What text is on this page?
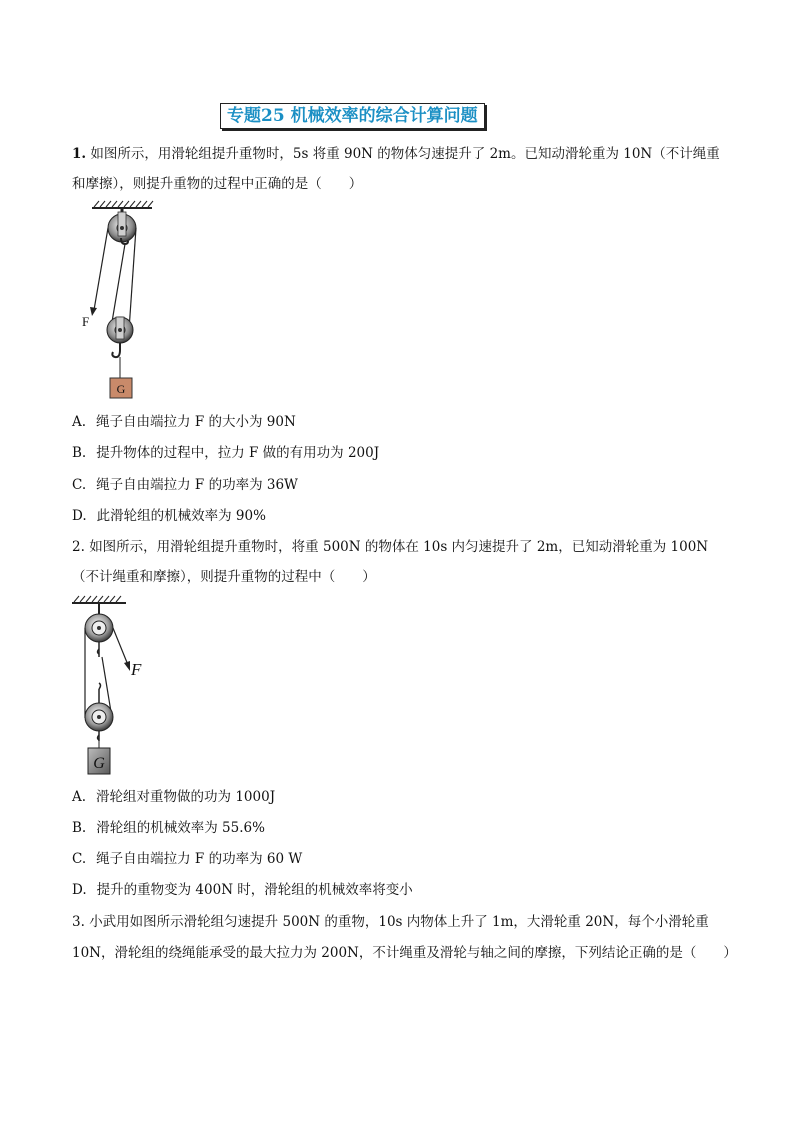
专题25 机械效率的综合计算问题
1. 如图所示，用滑轮组提升重物时，5s 将重 90N 的物体匀速提升了 2m。已知动滑轮重为 10N（不计绳重
和摩擦），则提升重物的过程中正确的是（　　）
F
G
A. 绳子自由端拉力 F 的大小为 90N
B. 提升物体的过程中，拉力 F 做的有用功为 200J
C. 绳子自由端拉力 F 的功率为 36W
D. 此滑轮组的机械效率为 90%
2. 如图所示，用滑轮组提升重物时，将重 500N 的物体在 10s 内匀速提升了 2m，已知动滑轮重为 100N
（不计绳重和摩擦），则提升重物的过程中（　　）
F
G
A. 滑轮组对重物做的功为 1000J
B. 滑轮组的机械效率为 55.6%
C. 绳子自由端拉力 F 的功率为 60 W
D. 提升的重物变为 400N 时，滑轮组的机械效率将变小
3. 小武用如图所示滑轮组匀速提升 500N 的重物，10s 内物体上升了 1m，大滑轮重 20N，每个小滑轮重
10N，滑轮组的绕绳能承受的最大拉力为 200N，不计绳重及滑轮与轴之间的摩擦，下列结论正确的是（　　）
